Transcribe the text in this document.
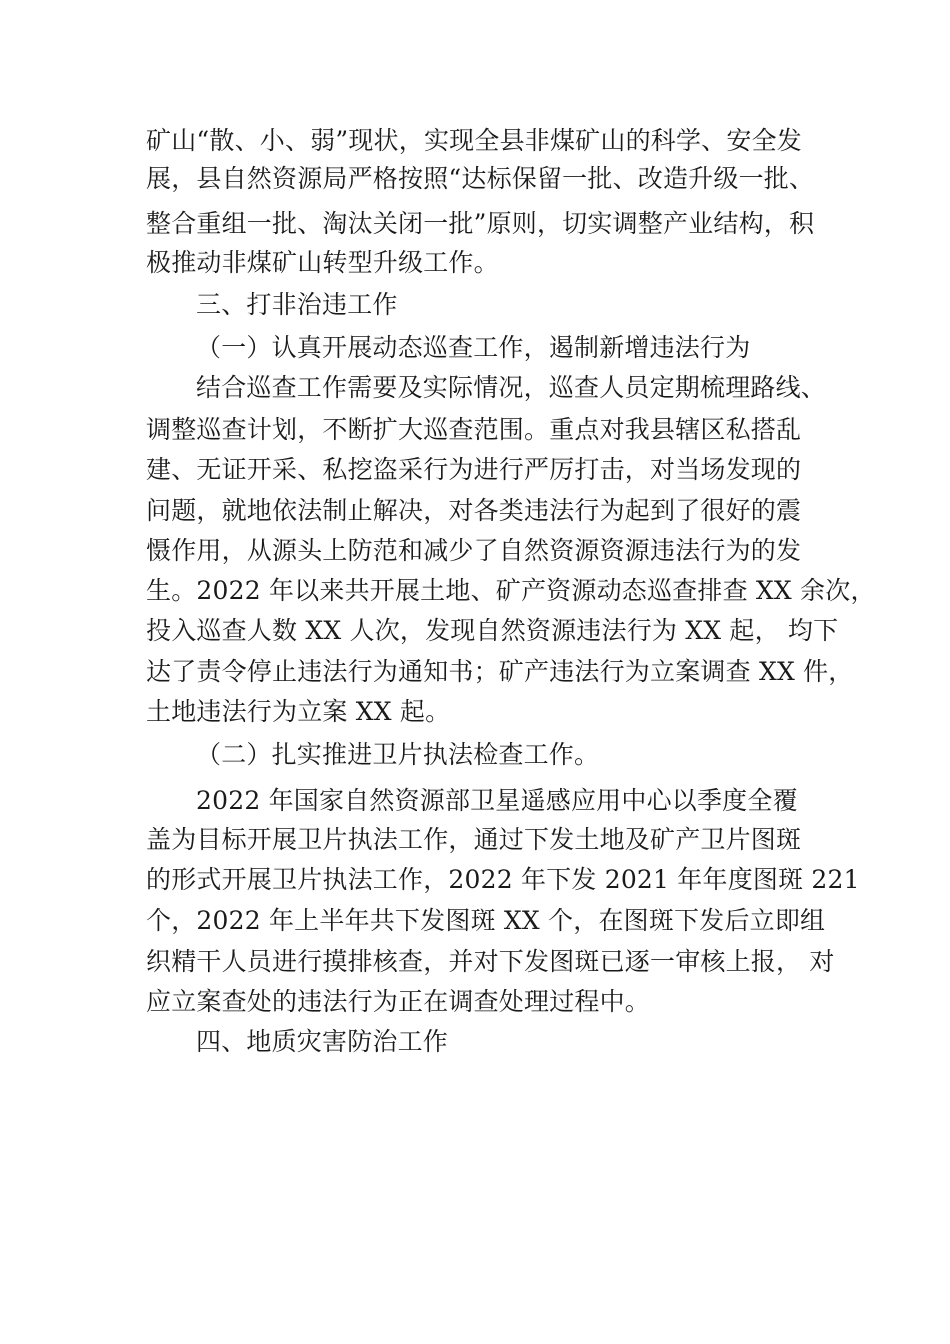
矿山“散、小、弱”现状，实现全县非煤矿山的科学、安全发
展，县自然资源局严格按照“达标保留一批、改造升级一批、
整合重组一批、淘汰关闭一批”原则，切实调整产业结构，积
极推动非煤矿山转型升级工作。
三、打非治违工作
（一）认真开展动态巡查工作，遏制新增违法行为
结合巡查工作需要及实际情况，巡查人员定期梳理路线、
调整巡查计划，不断扩大巡查范围。重点对我县辖区私搭乱
建、无证开采、私挖盗采行为进行严厉打击，对当场发现的
问题，就地依法制止解决，对各类违法行为起到了很好的震
慑作用，从源头上防范和减少了自然资源资源违法行为的发
生。2022 年以来共开展土地、矿产资源动态巡查排查 XX 余次，
投入巡查人数 XX 人次，发现自然资源违法行为 XX 起， 均下
达了责令停止违法行为通知书；矿产违法行为立案调查 XX 件，
土地违法行为立案 XX 起。
（二）扎实推进卫片执法检查工作。
2022 年国家自然资源部卫星遥感应用中心以季度全覆
盖为目标开展卫片执法工作，通过下发土地及矿产卫片图斑
的形式开展卫片执法工作，2022 年下发 2021 年年度图斑 221
个，2022 年上半年共下发图斑 XX 个，在图斑下发后立即组
织精干人员进行摸排核查，并对下发图斑已逐一审核上报， 对
应立案查处的违法行为正在调查处理过程中。
四、地质灾害防治工作
